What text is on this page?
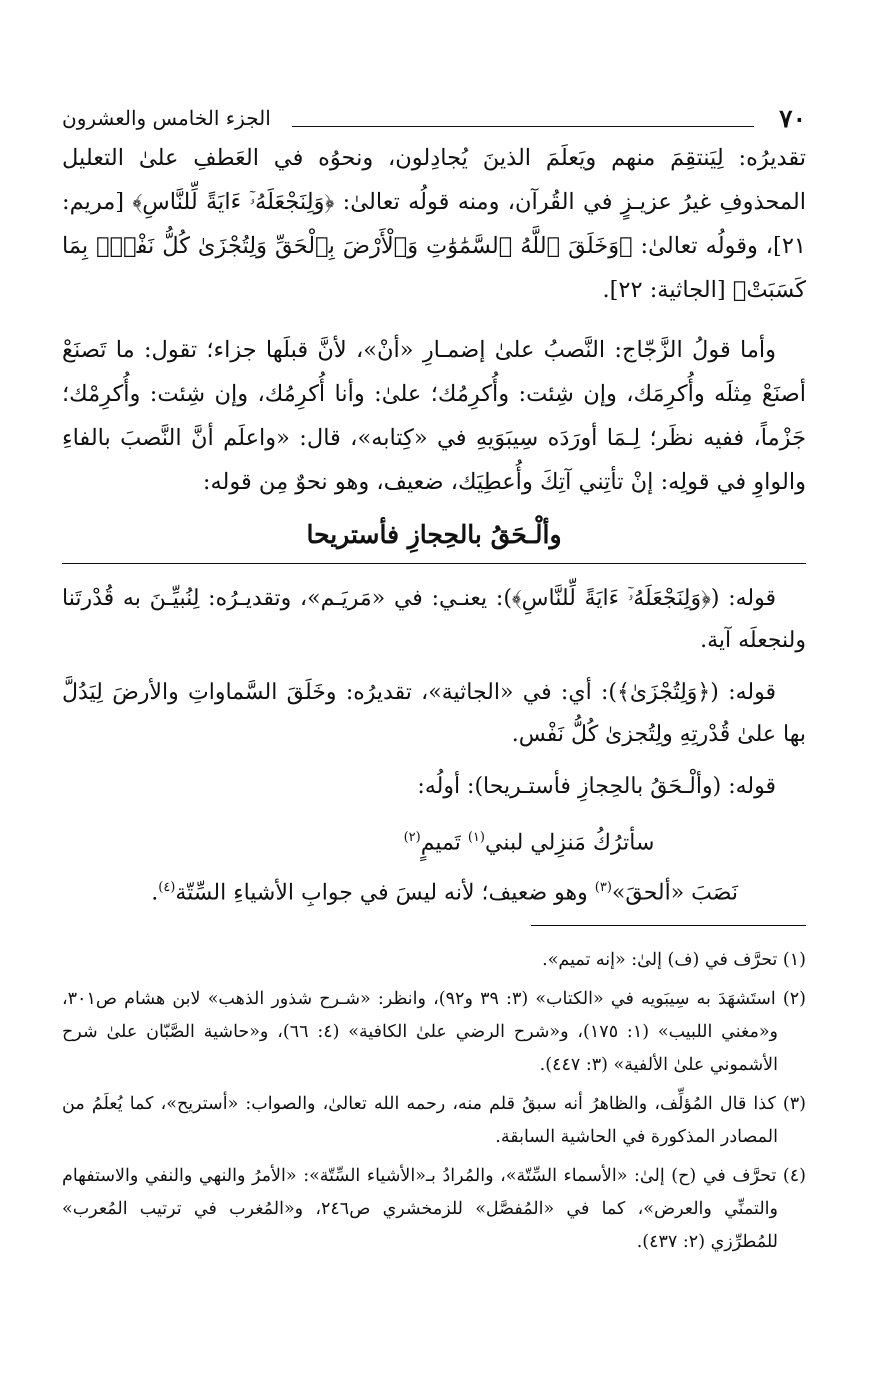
٧٠
الجزء الخامس والعشرون

تقديرُه: لِيَنتقِمَ منهم ويَعلَمَ الذينَ يُجادِلون، ونحوُه في العَطفِ علىٰ التعليل المحذوفِ غيرُ عزيـزٍ في القُرآن، ومنه قولُه تعالىٰ: ﴿وَلِنَجْعَلَهُۥٓ ءَايَةً لِّلنَّاسِ﴾ [مريم: ٢١]، وقولُه تعالىٰ: ﴿وَخَلَقَ ٱللَّهُ ٱلسَّمَٰوَٰتِ وَٱلْأَرْضَ بِٱلْحَقِّ وَلِتُجْزَىٰ كُلُّ نَفْسٍۭ بِمَا كَسَبَتْ﴾ [الجاثية: ٢٢].

وأما قولُ الزَّجّاج: النَّصبُ علىٰ إضمـارِ «أنْ»، لأنَّ قبلَها جزاء؛ تقول: ما تَصنَعْ أصنَعْ مِثلَه وأُكرِمَك، وإن شِئت: وأُكرِمُك؛ علىٰ: وأنا أُكرِمُك، وإن شِئت: وأُكرِمْك؛ جَزْماً، ففيه نظَر؛ لِـمَا أورَدَه سِيبَوَيهِ في «كِتابه»، قال: «واعلَم أنَّ النَّصبَ بالفاءِ والواوِ في قولِه: إنْ تأتِني آتِكَ وأُعطِيَك، ضعيف، وهو نحوٌ مِن قوله:

وألْـحَقُ بالحِجازِ فأستريحا

قوله: (﴿وَلِنَجْعَلَهُۥٓ ءَايَةً لِّلنَّاسِ﴾): يعنـي: في «مَريَـم»، وتقديـرُه: لِنُبيِّـنَ به قُدْرتَنا ولنجعلَه آية.

قوله: (﴿وَلِتُجْزَىٰ﴾): أي: في «الجاثية»، تقديرُه: وخَلَقَ السَّماواتِ والأرضَ لِيَدُلَّ بها علىٰ قُدْرتِهِ ولِتُجزىٰ كُلُّ نَفْس.

قوله: (وألْـحَقُ بالحِجازِ فأستـريحا): أولُه:

سأترُكُ مَنزِلي لبني$^{(١)}$ تَميمٍ$^{(٢)}$

نَصَبَ «ألحقَ»$^{(٣)}$ وهو ضعيف؛ لأنه ليسَ في جوابِ الأشياءِ السِّتّة$^{(٤)}$.

(١) تحرَّف في (ف) إلىٰ: «إنه تميم».

(٢) استَشهَدَ به سِيبَويه في «الكتاب» (٣: ٣٩ و٩٢)، وانظر: «شـرح شذور الذهب» لابن هشام ص٣٠١، و«مغني اللبيب» (١: ١٧٥)، و«شرح الرضي علىٰ الكافية» (٤: ٦٦)، و«حاشية الصَّبّان علىٰ شرح الأشموني علىٰ الألفية» (٣: ٤٤٧).

(٣) كذا قال المُؤلِّف، والظاهرُ أنه سبقُ قلم منه، رحمه الله تعالىٰ، والصواب: «أستريح»، كما يُعلَمُ من المصادر المذكورة في الحاشية السابقة.

(٤) تحرَّف في (ح) إلىٰ: «الأسماء السِّتّة»، والمُرادُ بـ«الأشياء السِّتّة»: «الأمرُ والنهي والنفي والاستفهام والتمنِّي والعرض»، كما في «المُفصَّل» للزمخشري ص٢٤٦، و«المُغرب في ترتيب المُعرب» للمُطرِّزي (٢: ٤٣٧).
